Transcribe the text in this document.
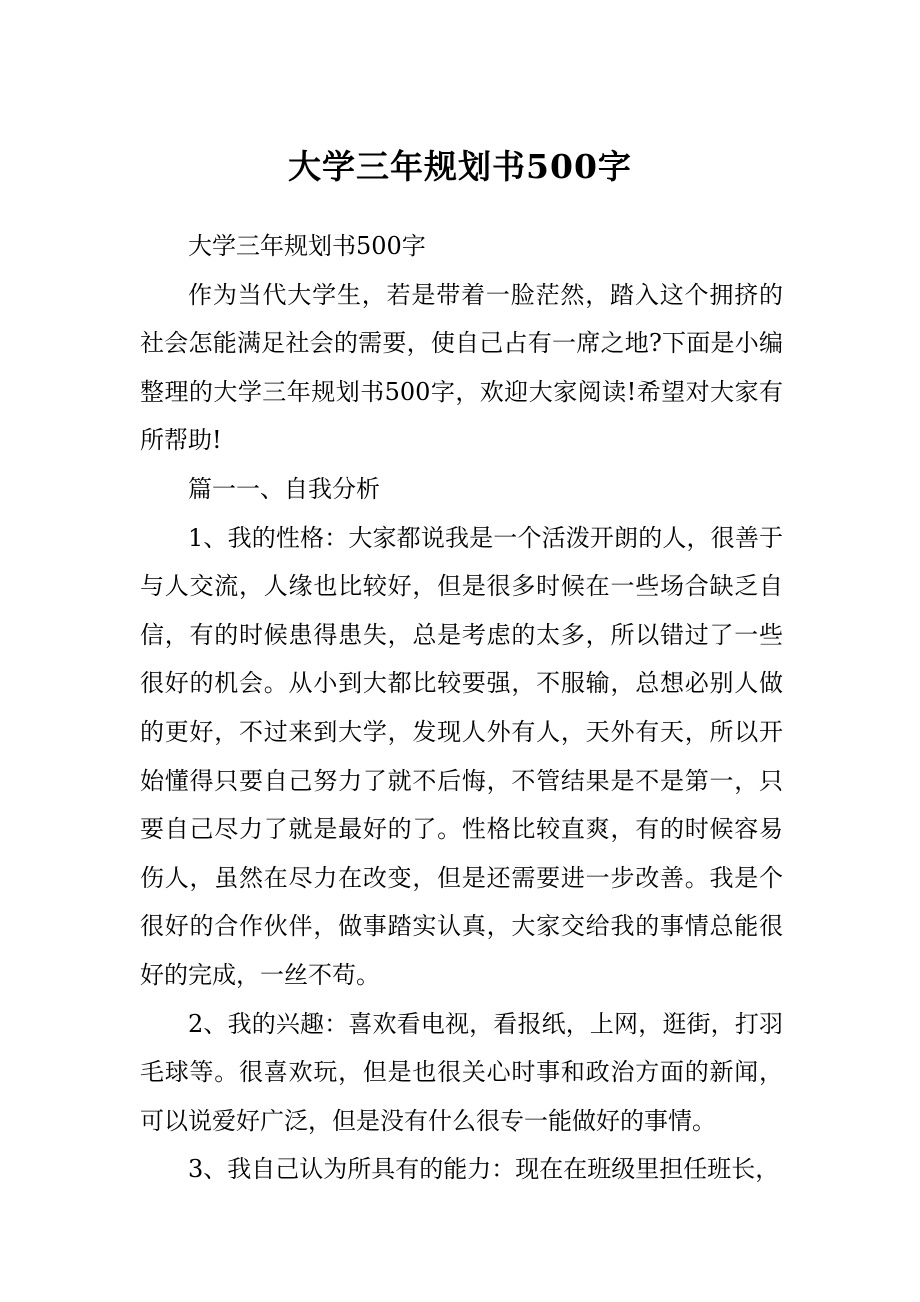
大学三年规划书500字

大学三年规划书500字

作为当代大学生，若是带着一脸茫然，踏入这个拥挤的社会怎能满足社会的需要，使自己占有一席之地?下面是小编整理的大学三年规划书500字，欢迎大家阅读!希望对大家有所帮助!

篇一一、自我分析

1、我的性格：大家都说我是一个活泼开朗的人，很善于与人交流，人缘也比较好，但是很多时候在一些场合缺乏自信，有的时候患得患失，总是考虑的太多，所以错过了一些很好的机会。从小到大都比较要强，不服输，总想必别人做的更好，不过来到大学，发现人外有人，天外有天，所以开始懂得只要自己努力了就不后悔，不管结果是不是第一，只要自己尽力了就是最好的了。性格比较直爽，有的时候容易伤人，虽然在尽力在改变，但是还需要进一步改善。我是个很好的合作伙伴，做事踏实认真，大家交给我的事情总能很好的完成，一丝不苟。

2、我的兴趣：喜欢看电视，看报纸，上网，逛街，打羽毛球等。很喜欢玩，但是也很关心时事和政治方面的新闻，可以说爱好广泛，但是没有什么很专一能做好的事情。

3、我自己认为所具有的能力：现在在班级里担任班长，
